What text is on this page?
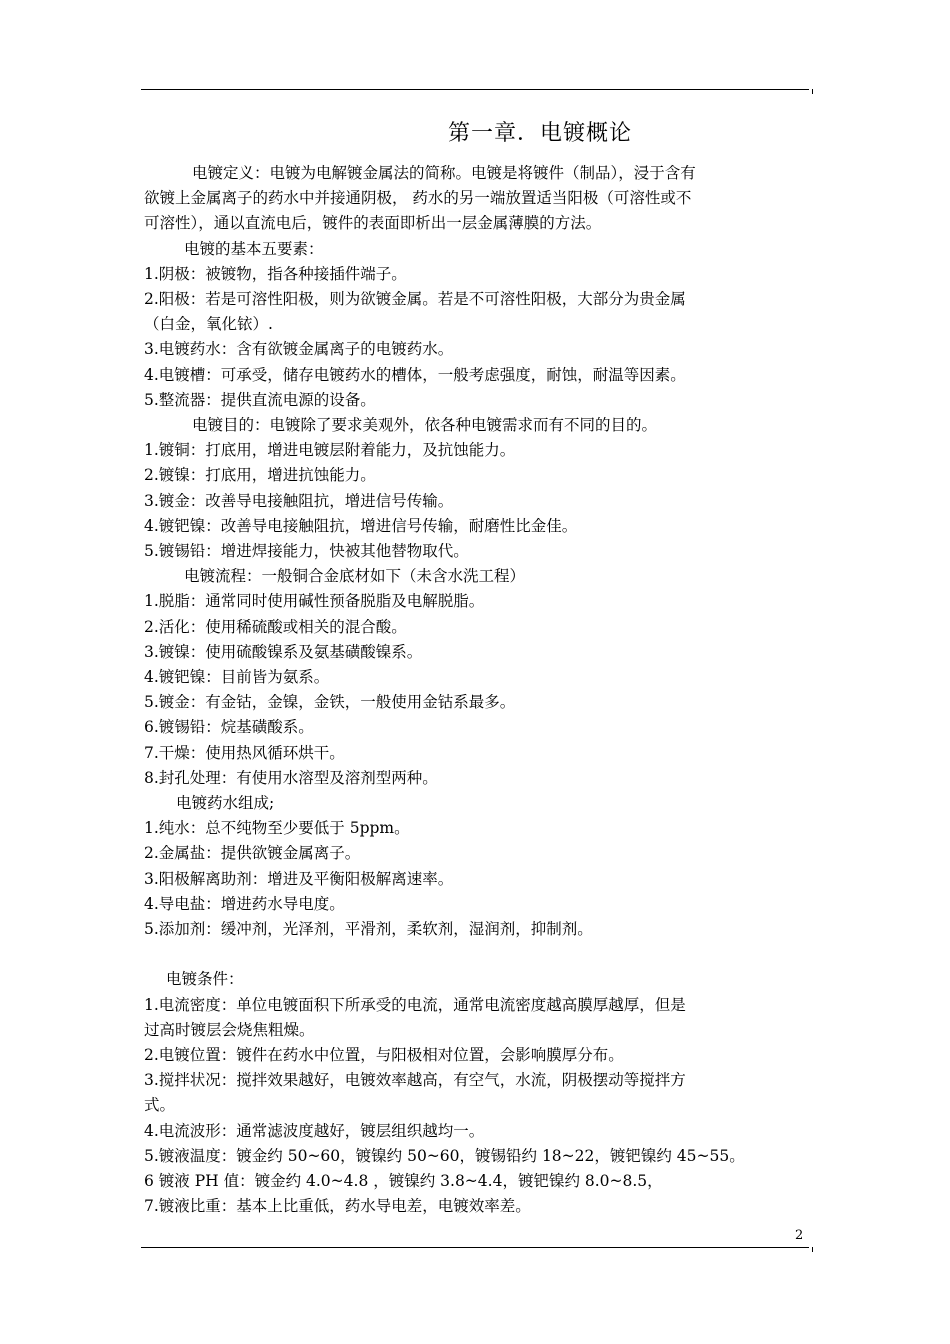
第一章．电镀概论

电镀定义：电镀为电解镀金属法的简称。电镀是将镀件（制品），浸于含有

欲镀上金属离子的药水中并接通阴极， 药水的另一端放置适当阳极（可溶性或不

可溶性），通以直流电后，镀件的表面即析出一层金属薄膜的方法。

电镀的基本五要素：

1.阴极：被镀物，指各种接插件端子。

2.阳极：若是可溶性阳极，则为欲镀金属。若是不可溶性阳极，大部分为贵金属

（白金，氧化铱）.

3.电镀药水：含有欲镀金属离子的电镀药水。

4.电镀槽：可承受，储存电镀药水的槽体，一般考虑强度，耐蚀，耐温等因素。

5.整流器：提供直流电源的设备。

电镀目的：电镀除了要求美观外，依各种电镀需求而有不同的目的。

1.镀铜：打底用，增进电镀层附着能力，及抗蚀能力。

2.镀镍：打底用，增进抗蚀能力。

3.镀金：改善导电接触阻抗，增进信号传输。

4.镀钯镍：改善导电接触阻抗，增进信号传输，耐磨性比金佳。

5.镀锡铅：增进焊接能力，快被其他替物取代。

电镀流程：一般铜合金底材如下（未含水洗工程）

1.脱脂：通常同时使用碱性预备脱脂及电解脱脂。

2.活化：使用稀硫酸或相关的混合酸。

3.镀镍：使用硫酸镍系及氨基磺酸镍系。

4.镀钯镍：目前皆为氨系。

5.镀金：有金钴，金镍，金铁，一般使用金钴系最多。

6.镀锡铅：烷基磺酸系。

7.干燥：使用热风循环烘干。

8.封孔处理：有使用水溶型及溶剂型两种。

电镀药水组成;

1.纯水：总不纯物至少要低于 5ppm。

2.金属盐：提供欲镀金属离子。

3.阳极解离助剂：增进及平衡阳极解离速率。

4.导电盐：增进药水导电度。

5.添加剂：缓冲剂，光泽剂，平滑剂，柔软剂，湿润剂，抑制剂。

电镀条件：

1.电流密度：单位电镀面积下所承受的电流，通常电流密度越高膜厚越厚，但是

过高时镀层会烧焦粗燥。

2.电镀位置：镀件在药水中位置，与阳极相对位置，会影响膜厚分布。

3.搅拌状况：搅拌效果越好，电镀效率越高，有空气，水流，阴极摆动等搅拌方

式。

4.电流波形：通常滤波度越好，镀层组织越均一。

5.镀液温度：镀金约 50~60，镀镍约 50~60，镀锡铅约 18~22，镀钯镍约 45~55。

6 镀液 PH 值：镀金约 4.0~4.8 ，镀镍约 3.8~4.4，镀钯镍约 8.0~8.5，

7.镀液比重：基本上比重低，药水导电差，电镀效率差。

2
